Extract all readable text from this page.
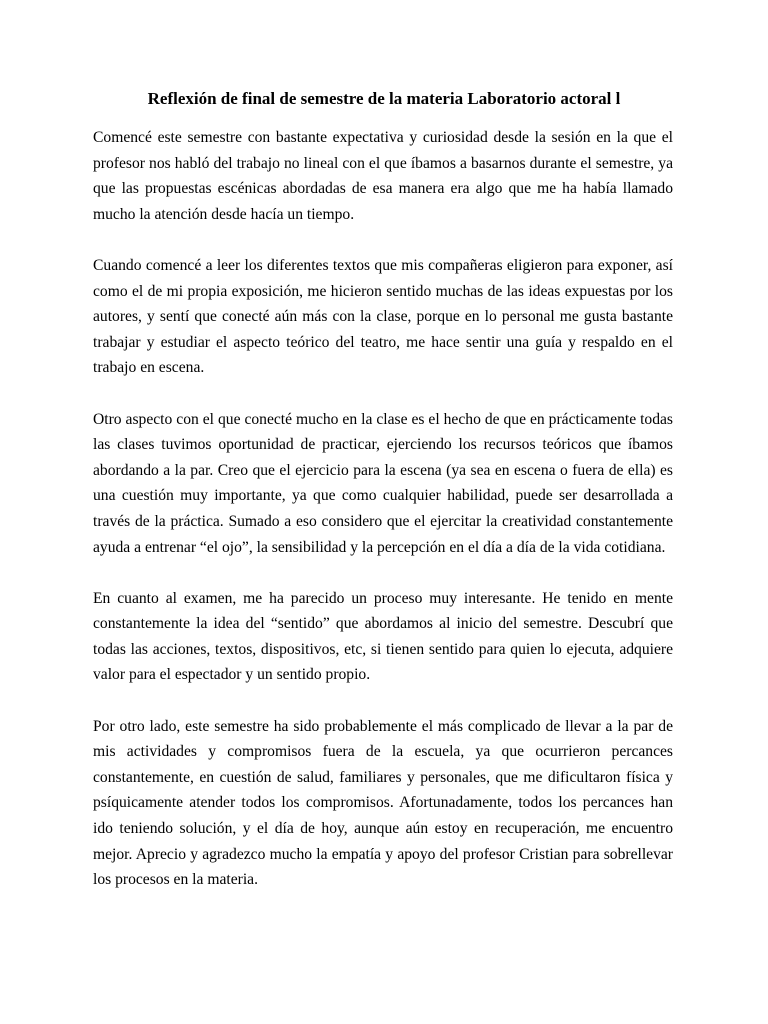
Reflexión de final de semestre de la materia Laboratorio actoral l

Comencé este semestre con bastante expectativa y curiosidad desde la sesión en la que el profesor nos habló del trabajo no lineal con el que íbamos a basarnos durante el semestre, ya que las propuestas escénicas abordadas de esa manera era algo que me ha había llamado mucho la atención desde hacía un tiempo.

Cuando comencé a leer los diferentes textos que mis compañeras eligieron para exponer, así como el de mi propia exposición, me hicieron sentido muchas de las ideas expuestas por los autores, y sentí que conecté aún más con la clase, porque en lo personal me gusta bastante trabajar y estudiar el aspecto teórico del teatro, me hace sentir una guía y respaldo en el trabajo en escena.

Otro aspecto con el que conecté mucho en la clase es el hecho de que en prácticamente todas las clases tuvimos oportunidad de practicar, ejerciendo los recursos teóricos que íbamos abordando a la par. Creo que el ejercicio para la escena (ya sea en escena o fuera de ella) es una cuestión muy importante, ya que como cualquier habilidad, puede ser desarrollada a través de la práctica. Sumado a eso considero que el ejercitar la creatividad constantemente ayuda a entrenar “el ojo”, la sensibilidad y la percepción en el día a día de la vida cotidiana.

En cuanto al examen, me ha parecido un proceso muy interesante. He tenido en mente constantemente la idea del “sentido” que abordamos al inicio del semestre. Descubrí que todas las acciones, textos, dispositivos, etc, si tienen sentido para quien lo ejecuta, adquiere valor para el espectador y un sentido propio.

Por otro lado, este semestre ha sido probablemente el más complicado de llevar a la par de mis actividades y compromisos fuera de la escuela, ya que ocurrieron percances constantemente, en cuestión de salud, familiares y personales, que me dificultaron física y psíquicamente atender todos los compromisos. Afortunadamente, todos los percances han ido teniendo solución, y el día de hoy, aunque aún estoy en recuperación, me encuentro mejor. Aprecio y agradezco mucho la empatía y apoyo del profesor Cristian para sobrellevar los procesos en la materia.
